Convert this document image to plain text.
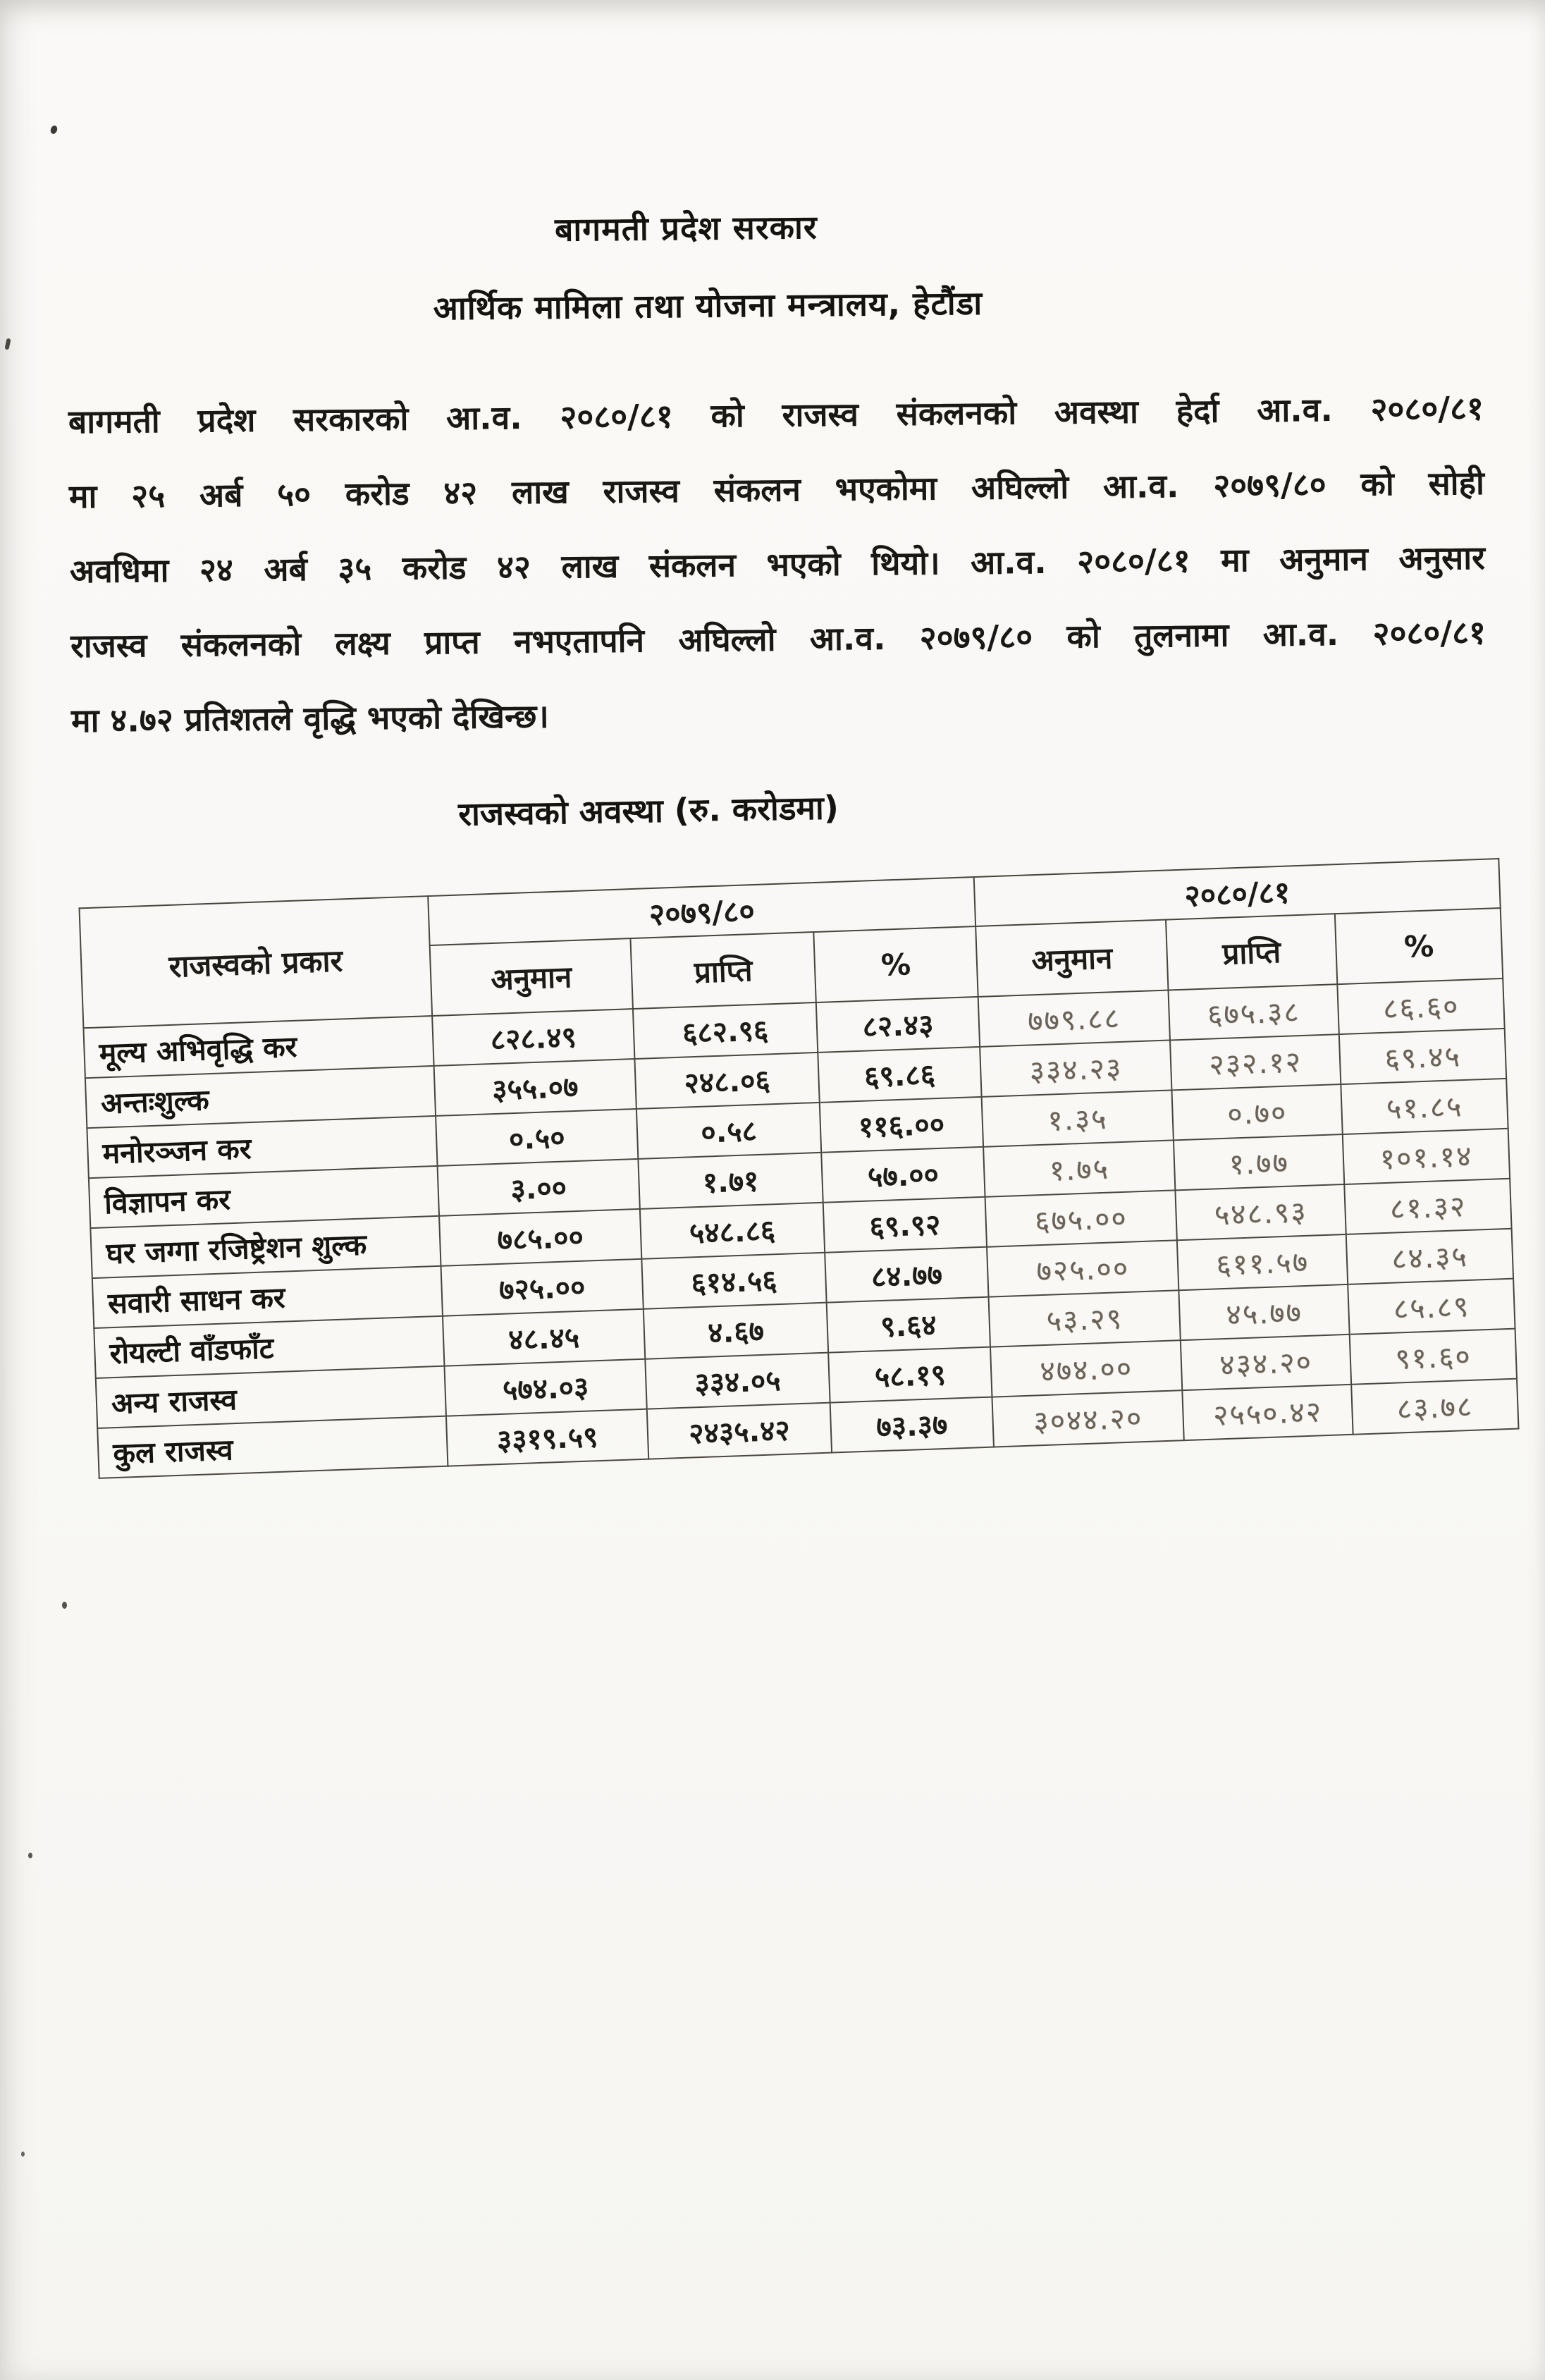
बागमती प्रदेश सरकार
आर्थिक मामिला तथा योजना मन्त्रालय, हेटौंडा
बागमती प्रदेश सरकारको आ.व. २०८०/८१ को राजस्व संकलनको अवस्था हेर्दा आ.व. २०८०/८१
मा २५ अर्ब ५० करोड ४२ लाख राजस्व संकलन भएकोमा अघिल्लो आ.व. २०७९/८० को सोही
अवधिमा २४ अर्ब ३५ करोड ४२ लाख संकलन भएको थियो। आ.व. २०८०/८१ मा अनुमान अनुसार
राजस्व संकलनको लक्ष्य प्राप्त नभएतापनि अघिल्लो आ.व. २०७९/८० को तुलनामा आ.व. २०८०/८१
मा ४.७२ प्रतिशतले वृद्धि भएको देखिन्छ।
राजस्वको अवस्था (रु. करोडमा)
राजस्वको प्रकार	२०७९/८०			२०८०/८१		
	अनुमान	प्राप्ति	%	अनुमान	प्राप्ति	%
मूल्य अभिवृद्धि कर	८२८.४९	६८२.९६	८२.४३	७७९.८८	६७५.३८	८६.६०
अन्तःशुल्क	३५५.०७	२४८.०६	६९.८६	३३४.२३	२३२.१२	६९.४५
मनोरञ्जन कर	०.५०	०.५८	११६.००	१.३५	०.७०	५१.८५
विज्ञापन कर	३.००	१.७१	५७.००	१.७५	१.७७	१०१.१४
घर जग्गा रजिष्ट्रेशन शुल्क	७८५.००	५४८.८६	६९.९२	६७५.००	५४८.९३	८१.३२
सवारी साधन कर	७२५.००	६१४.५६	८४.७७	७२५.००	६११.५७	८४.३५
रोयल्टी वाँडफाँट	४८.४५	४.६७	९.६४	५३.२९	४५.७७	८५.८९
अन्य राजस्व	५७४.०३	३३४.०५	५८.१९	४७४.००	४३४.२०	९१.६०
कुल राजस्व	३३१९.५९	२४३५.४२	७३.३७	३०४४.२०	२५५०.४२	८३.७८
